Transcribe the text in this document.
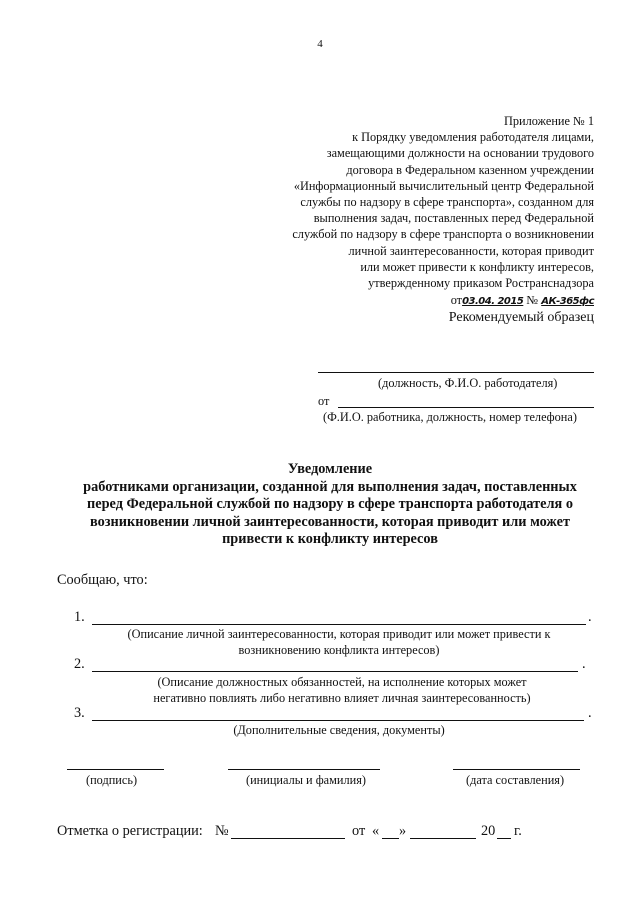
4
Приложение № 1
к Порядку уведомления работодателя лицами,
замещающими должности на основании трудового
договора в Федеральном казенном учреждении
«Информационный вычислительный центр Федеральной
службы по надзору в сфере транспорта», созданном для
выполнения задач, поставленных перед Федеральной
службой по надзору в сфере транспорта о возникновении
личной заинтересованности, которая приводит
или может привести к конфликту интересов,
утвержденному приказом Ространснадзора
от03.04. 2015 № АК-365фс
Рекомендуемый образец
(должность, Ф.И.О. работодателя)
от
(Ф.И.О. работника, должность, номер телефона)
Уведомление
работниками организации, созданной для выполнения задач, поставленных
перед Федеральной службой по надзору в сфере транспорта работодателя о
возникновении личной заинтересованности, которая приводит или может
привести к конфликту интересов
Сообщаю, что:
1.	.
(Описание личной заинтересованности, которая приводит или может привести к
возникновению конфликта интересов)
2.	.
(Описание должностных обязанностей, на исполнение которых может
негативно повлиять либо негативно влияет личная заинтересованность)
3.	.
(Дополнительные сведения, документы)
(подпись)	(инициалы и фамилия)	(дата составления)
Отметка о регистрации: №	от « »	20 г.
